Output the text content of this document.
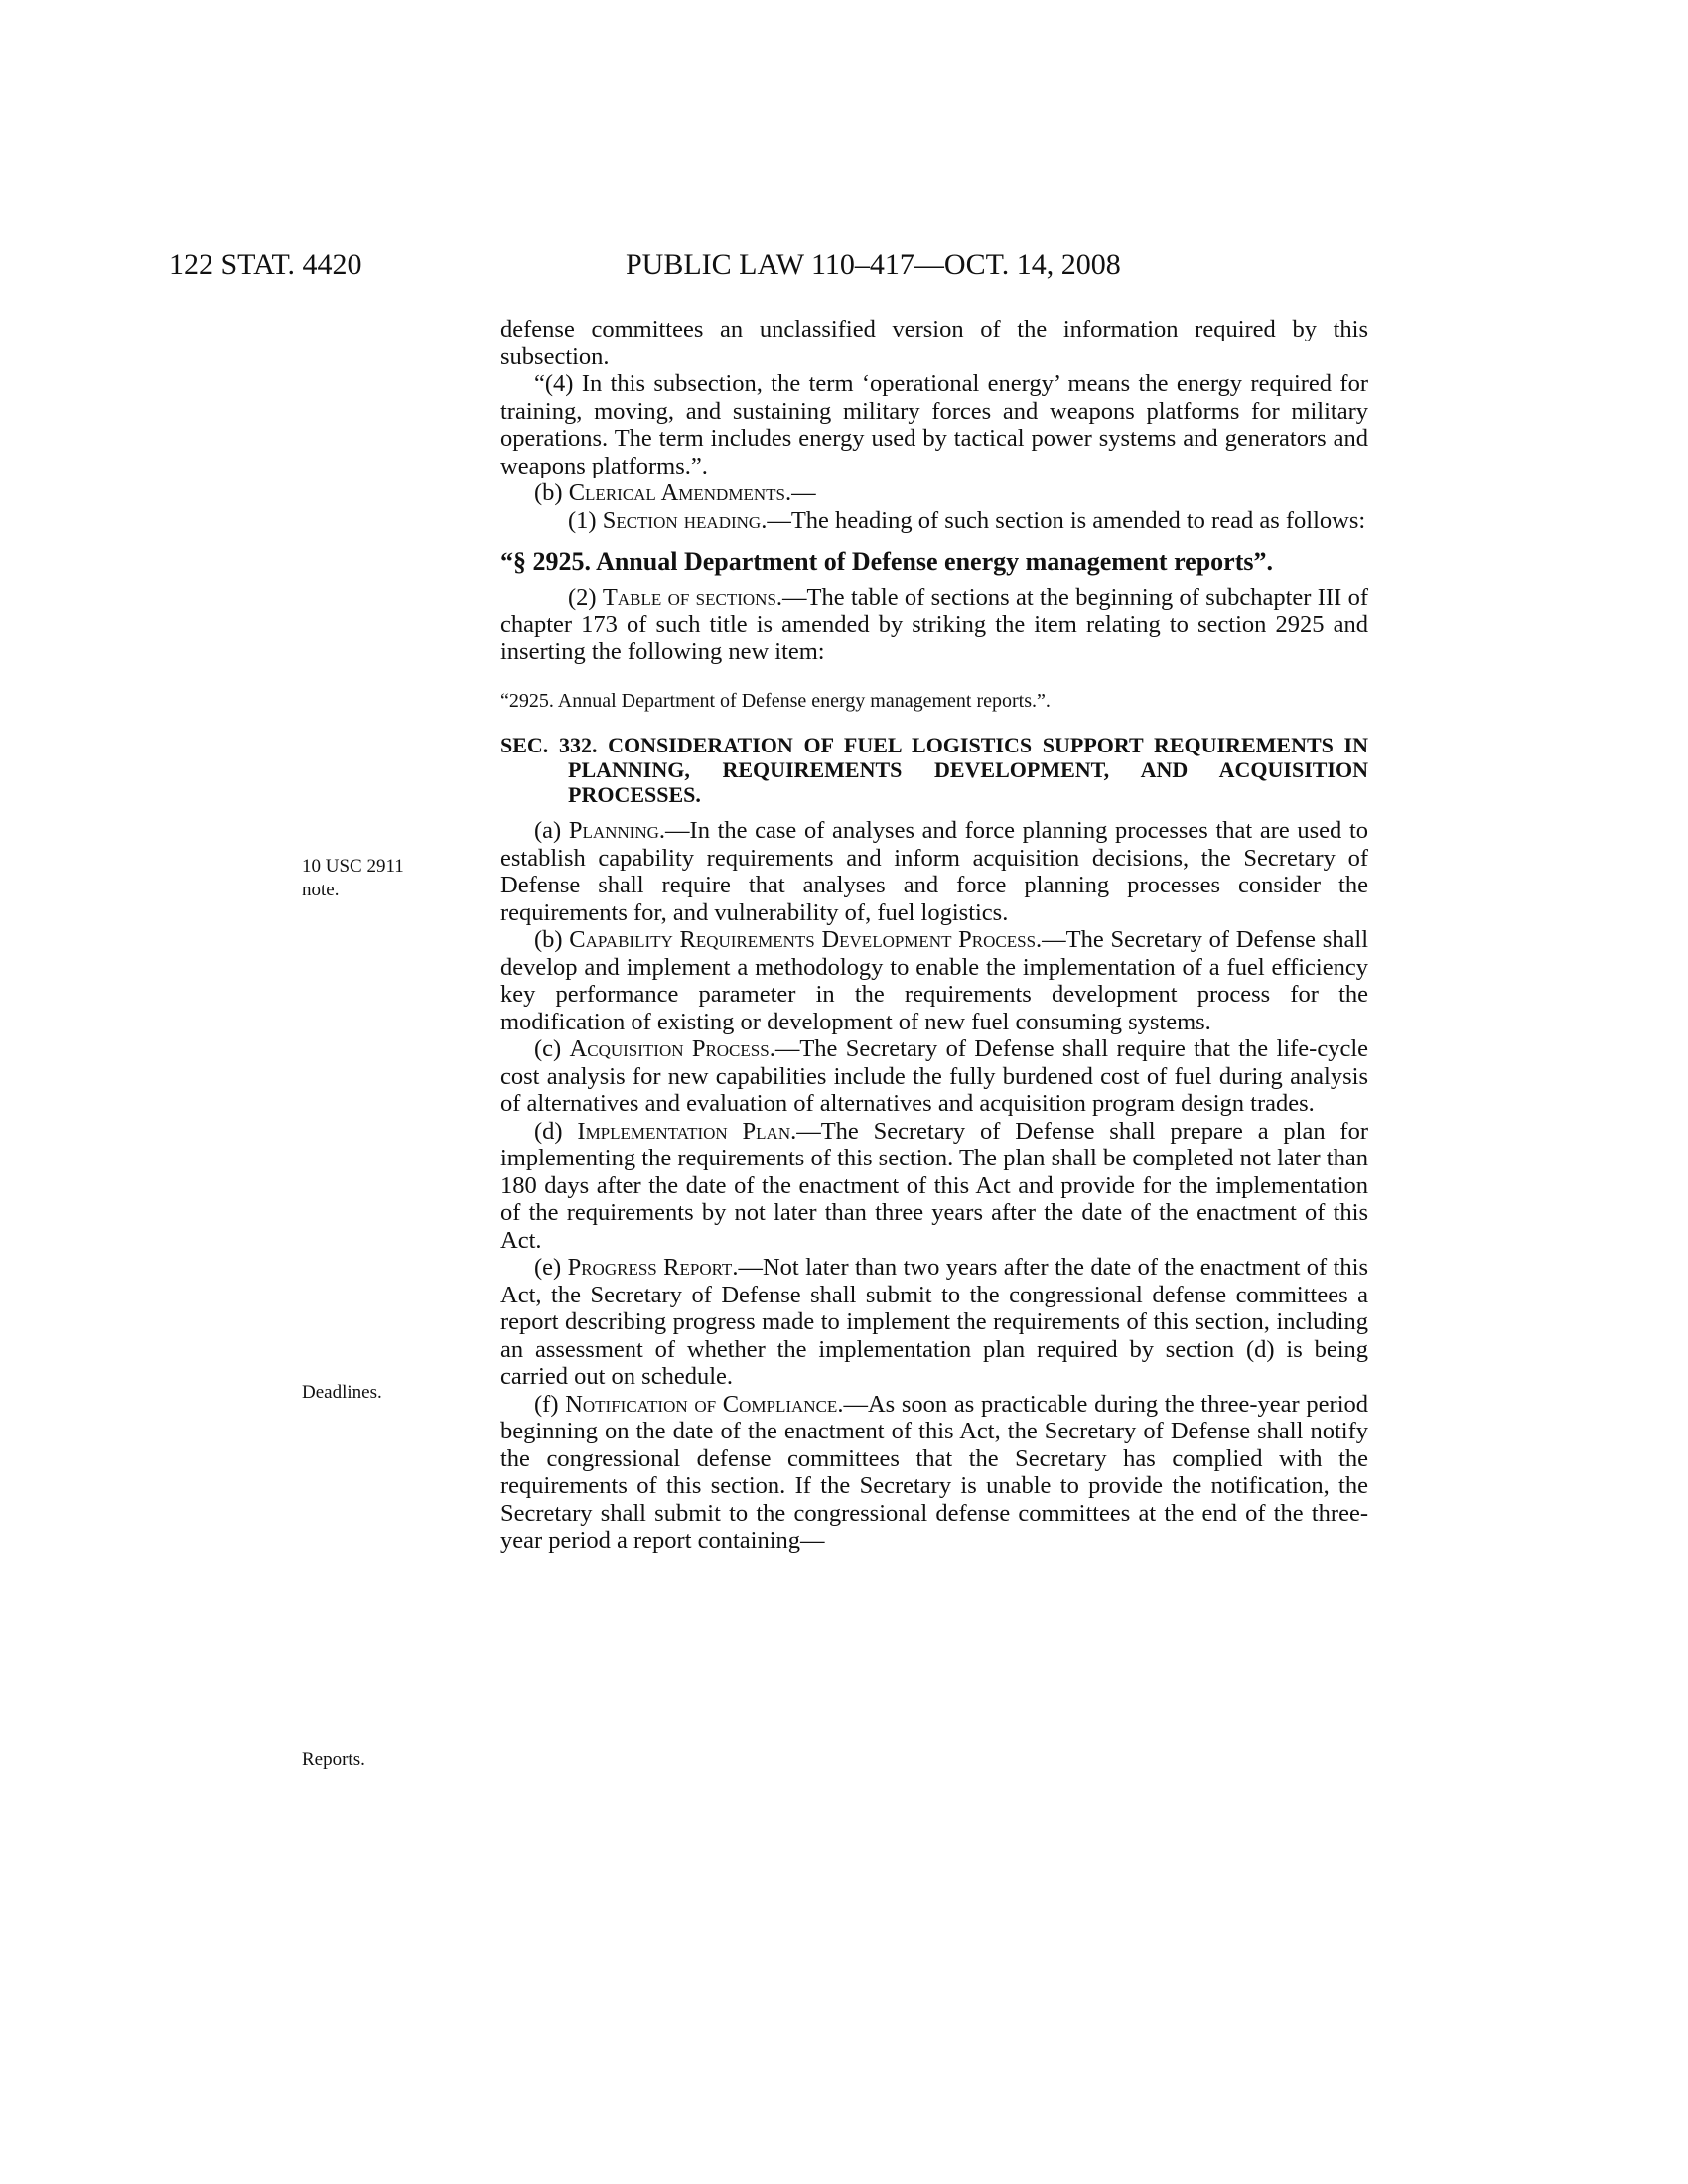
122 STAT. 4420	PUBLIC LAW 110–417—OCT. 14, 2008
10 USC 2911
note.
Deadlines.
Reports.

defense committees an unclassified version of the information required by this subsection.

“(4) In this subsection, the term ‘operational energy’ means the energy required for training, moving, and sustaining military forces and weapons platforms for military operations. The term includes energy used by tactical power systems and generators and weapons platforms.”.

(b) Clerical Amendments.—

(1) Section heading.—The heading of such section is amended to read as follows:

“§ 2925. Annual Department of Defense energy management reports”.

(2) Table of sections.—The table of sections at the beginning of subchapter III of chapter 173 of such title is amended by striking the item relating to section 2925 and inserting the following new item:

“2925. Annual Department of Defense energy management reports.”.
SEC. 332. CONSIDERATION OF FUEL LOGISTICS SUPPORT REQUIREMENTS IN PLANNING, REQUIREMENTS DEVELOPMENT, AND ACQUISITION PROCESSES.

(a) Planning.—In the case of analyses and force planning processes that are used to establish capability requirements and inform acquisition decisions, the Secretary of Defense shall require that analyses and force planning processes consider the requirements for, and vulnerability of, fuel logistics.

(b) Capability Requirements Development Process.—The Secretary of Defense shall develop and implement a methodology to enable the implementation of a fuel efficiency key performance parameter in the requirements development process for the modification of existing or development of new fuel consuming systems.

(c) Acquisition Process.—The Secretary of Defense shall require that the life-cycle cost analysis for new capabilities include the fully burdened cost of fuel during analysis of alternatives and evaluation of alternatives and acquisition program design trades.

(d) Implementation Plan.—The Secretary of Defense shall prepare a plan for implementing the requirements of this section. The plan shall be completed not later than 180 days after the date of the enactment of this Act and provide for the implementation of the requirements by not later than three years after the date of the enactment of this Act.

(e) Progress Report.—Not later than two years after the date of the enactment of this Act, the Secretary of Defense shall submit to the congressional defense committees a report describing progress made to implement the requirements of this section, including an assessment of whether the implementation plan required by section (d) is being carried out on schedule.

(f) Notification of Compliance.—As soon as practicable during the three-year period beginning on the date of the enactment of this Act, the Secretary of Defense shall notify the congressional defense committees that the Secretary has complied with the requirements of this section. If the Secretary is unable to provide the notification, the Secretary shall submit to the congressional defense committees at the end of the three-year period a report containing—
